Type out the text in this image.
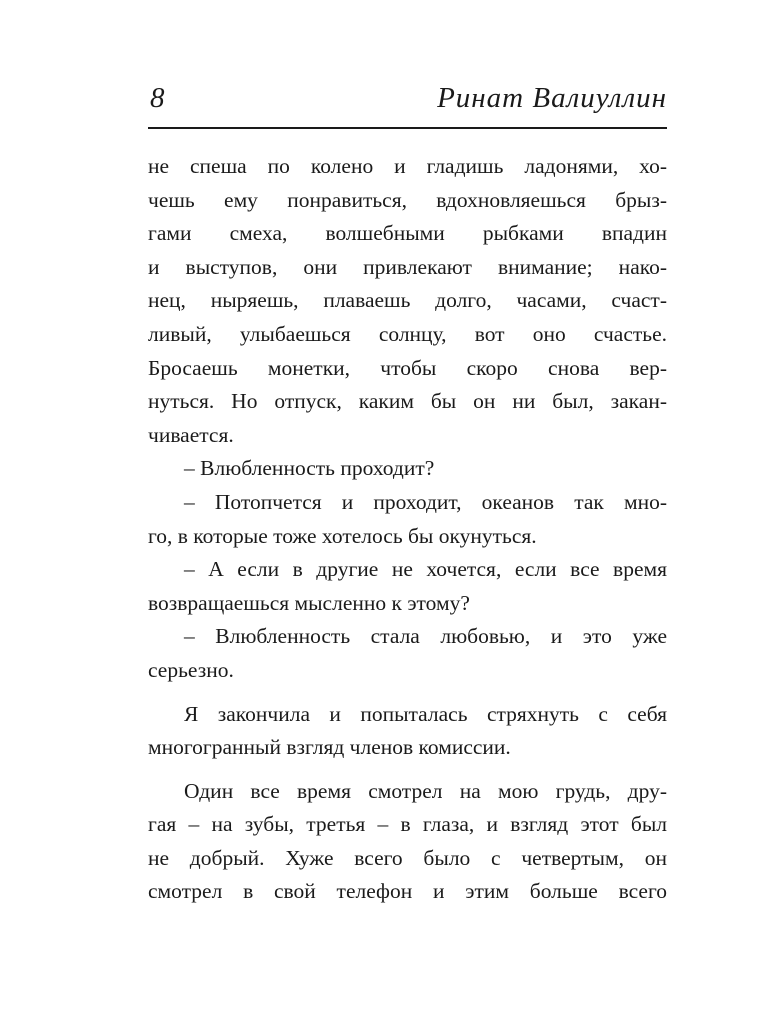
8	Ринат Валиуллин
не спеша по колено и гладишь ладонями, хо-
чешь ему понравиться, вдохновляешься брыз-
гами смеха, волшебными рыбками впадин
и выступов, они привлекают внимание; нако-
нец, ныряешь, плаваешь долго, часами, счаст-
ливый, улыбаешься солнцу, вот оно счастье.
Бросаешь монетки, чтобы скоро снова вер-
нуться. Но отпуск, каким бы он ни был, закан-
чивается.
– Влюбленность проходит?
– Потопчется и проходит, океанов так мно-
го, в которые тоже хотелось бы окунуться.
– А если в другие не хочется, если все время
возвращаешься мысленно к этому?
– Влюбленность стала любовью, и это уже
серьезно.
Я закончила и попыталась стряхнуть с себя
многогранный взгляд членов комиссии.
Один все время смотрел на мою грудь, дру-
гая – на зубы, третья – в глаза, и взгляд этот был
не добрый. Хуже всего было с четвертым, он
смотрел в свой телефон и этим больше всего
